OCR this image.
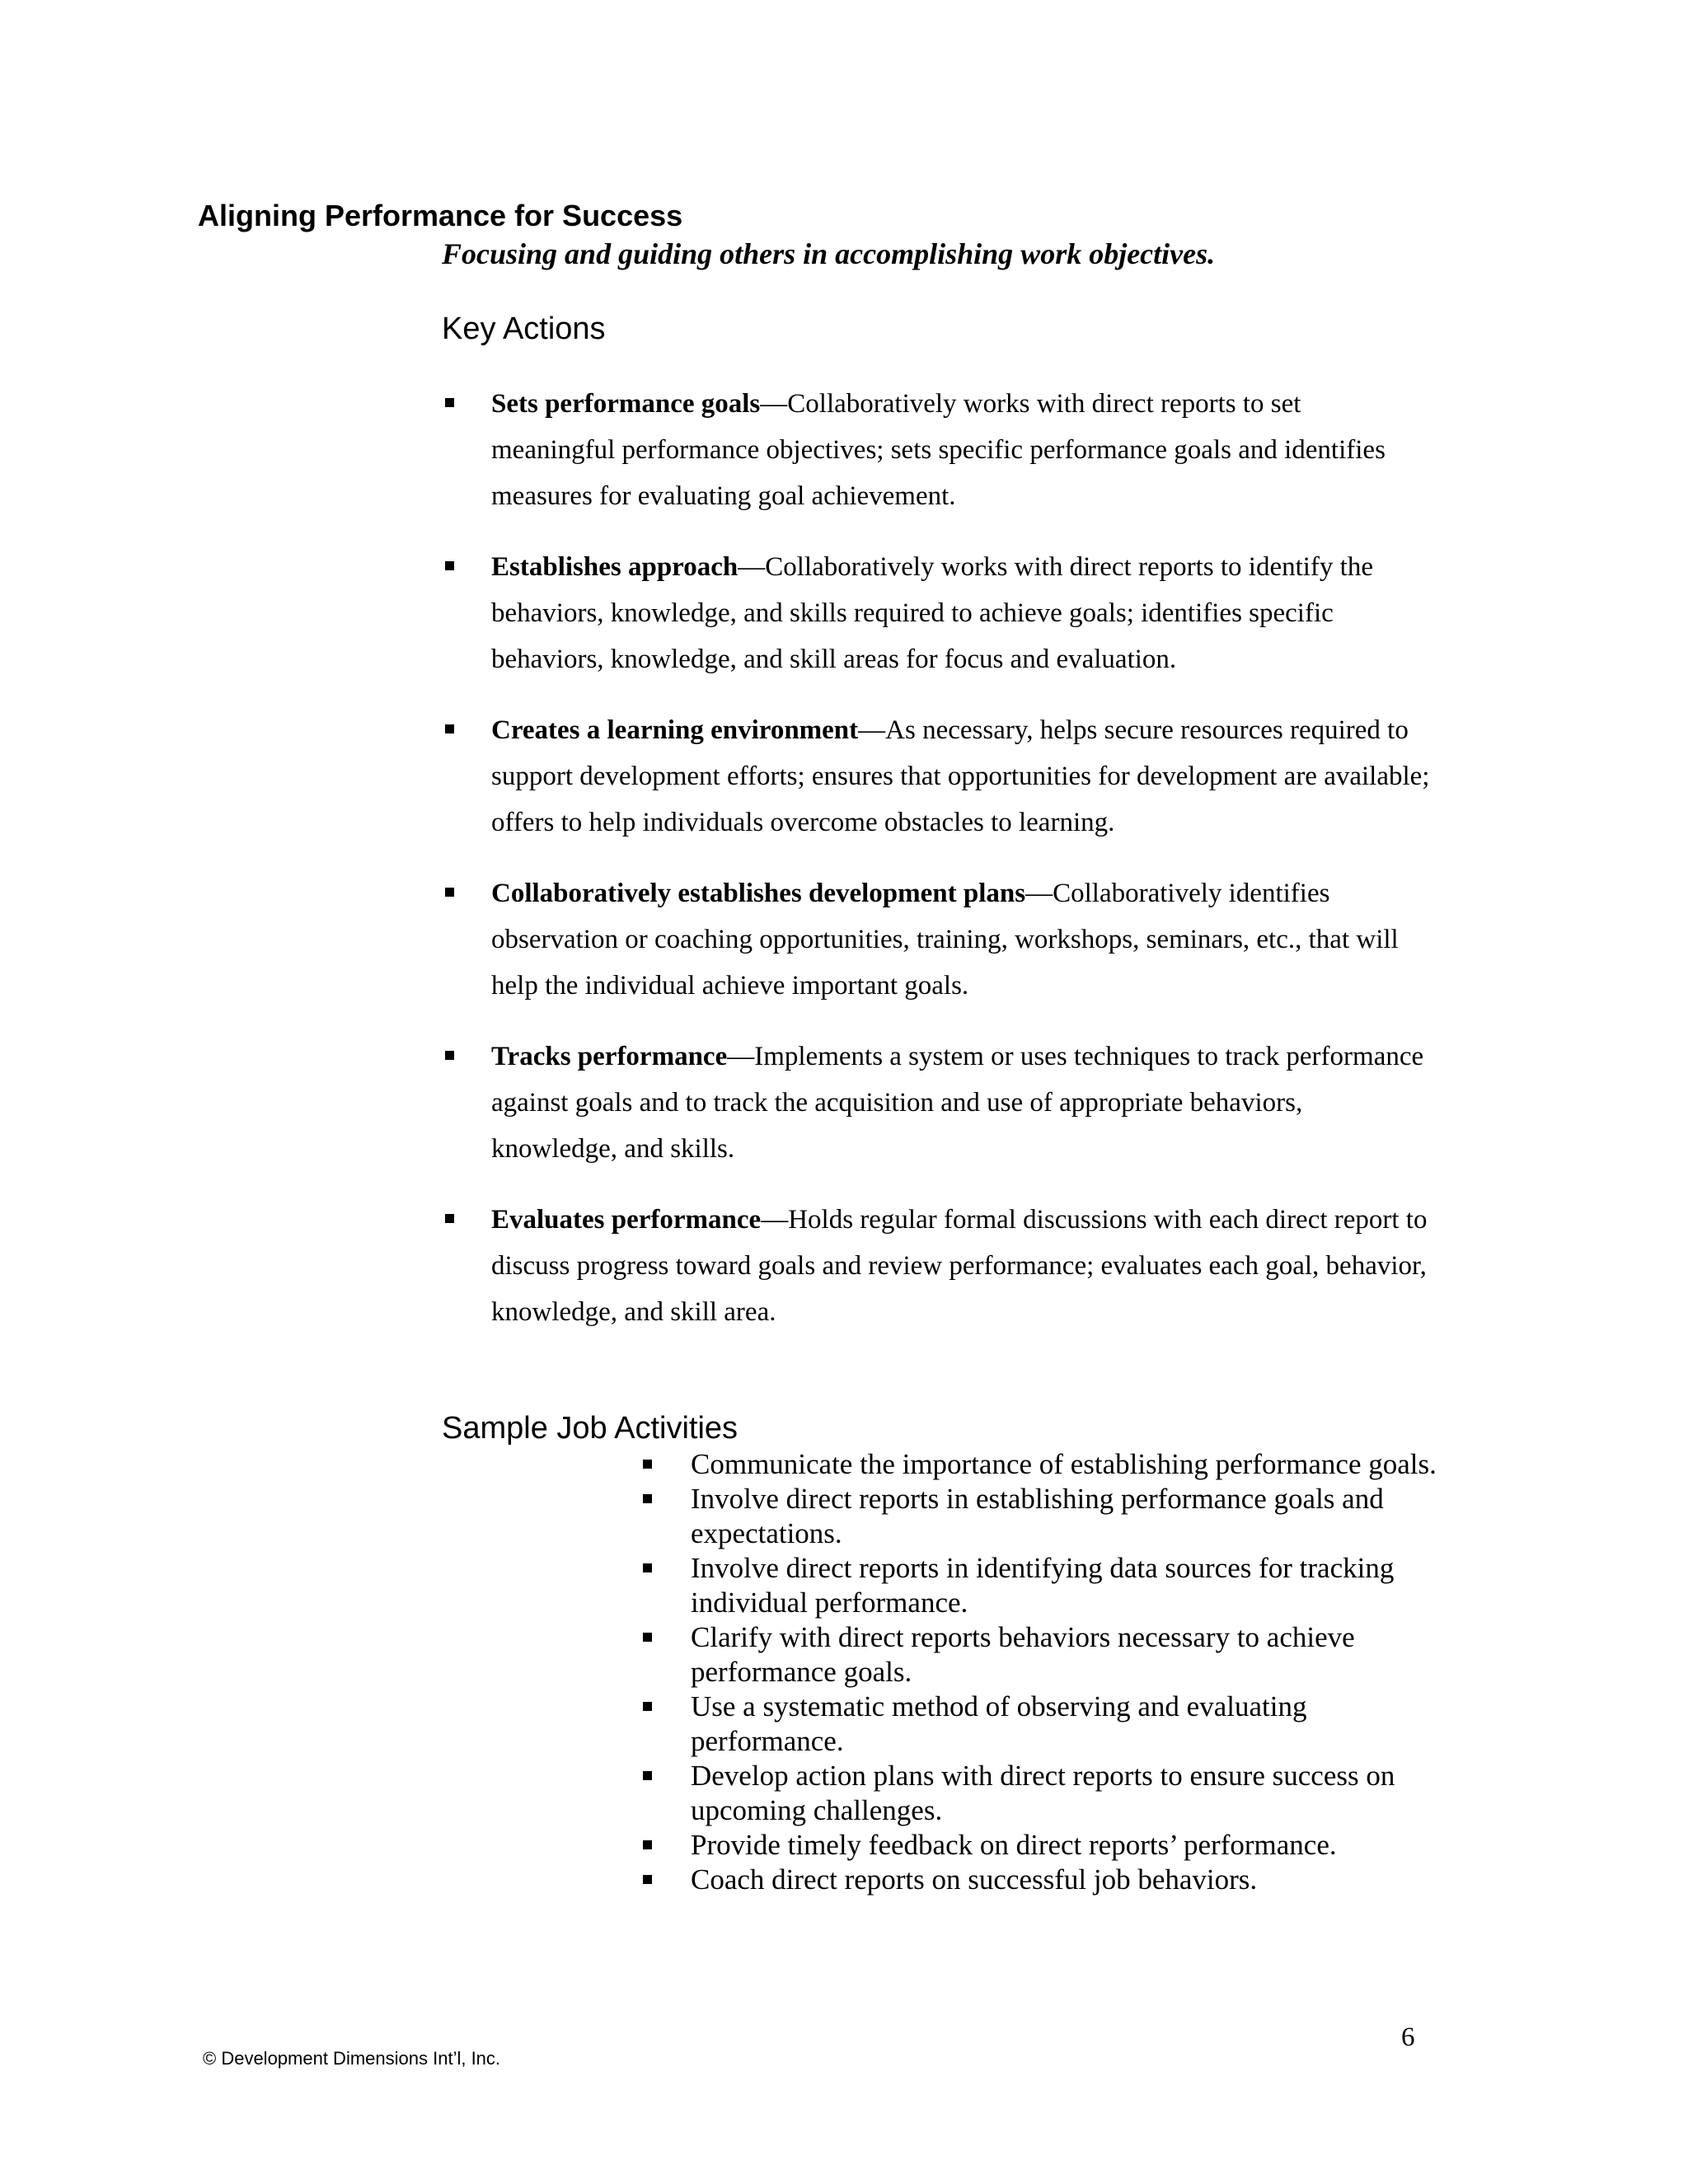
Aligning Performance for Success
Focusing and guiding others in accomplishing work objectives.
Key Actions
Sets performance goals—Collaboratively works with direct reports to set meaningful performance objectives; sets specific performance goals and identifies measures for evaluating goal achievement.
Establishes approach—Collaboratively works with direct reports to identify the behaviors, knowledge, and skills required to achieve goals; identifies specific behaviors, knowledge, and skill areas for focus and evaluation.
Creates a learning environment—As necessary, helps secure resources required to support development efforts; ensures that opportunities for development are available; offers to help individuals overcome obstacles to learning.
Collaboratively establishes development plans—Collaboratively identifies observation or coaching opportunities, training, workshops, seminars, etc., that will help the individual achieve important goals.
Tracks performance—Implements a system or uses techniques to track performance against goals and to track the acquisition and use of appropriate behaviors, knowledge, and skills.
Evaluates performance—Holds regular formal discussions with each direct report to discuss progress toward goals and review performance; evaluates each goal, behavior, knowledge, and skill area.
Sample Job Activities
Communicate the importance of establishing performance goals.
Involve direct reports in establishing performance goals and expectations.
Involve direct reports in identifying data sources for tracking individual performance.
Clarify with direct reports behaviors necessary to achieve performance goals.
Use a systematic method of observing and evaluating performance.
Develop action plans with direct reports to ensure success on upcoming challenges.
Provide timely feedback on direct reports’ performance.
Coach direct reports on successful job behaviors.
© Development Dimensions Int’l, Inc.
6
